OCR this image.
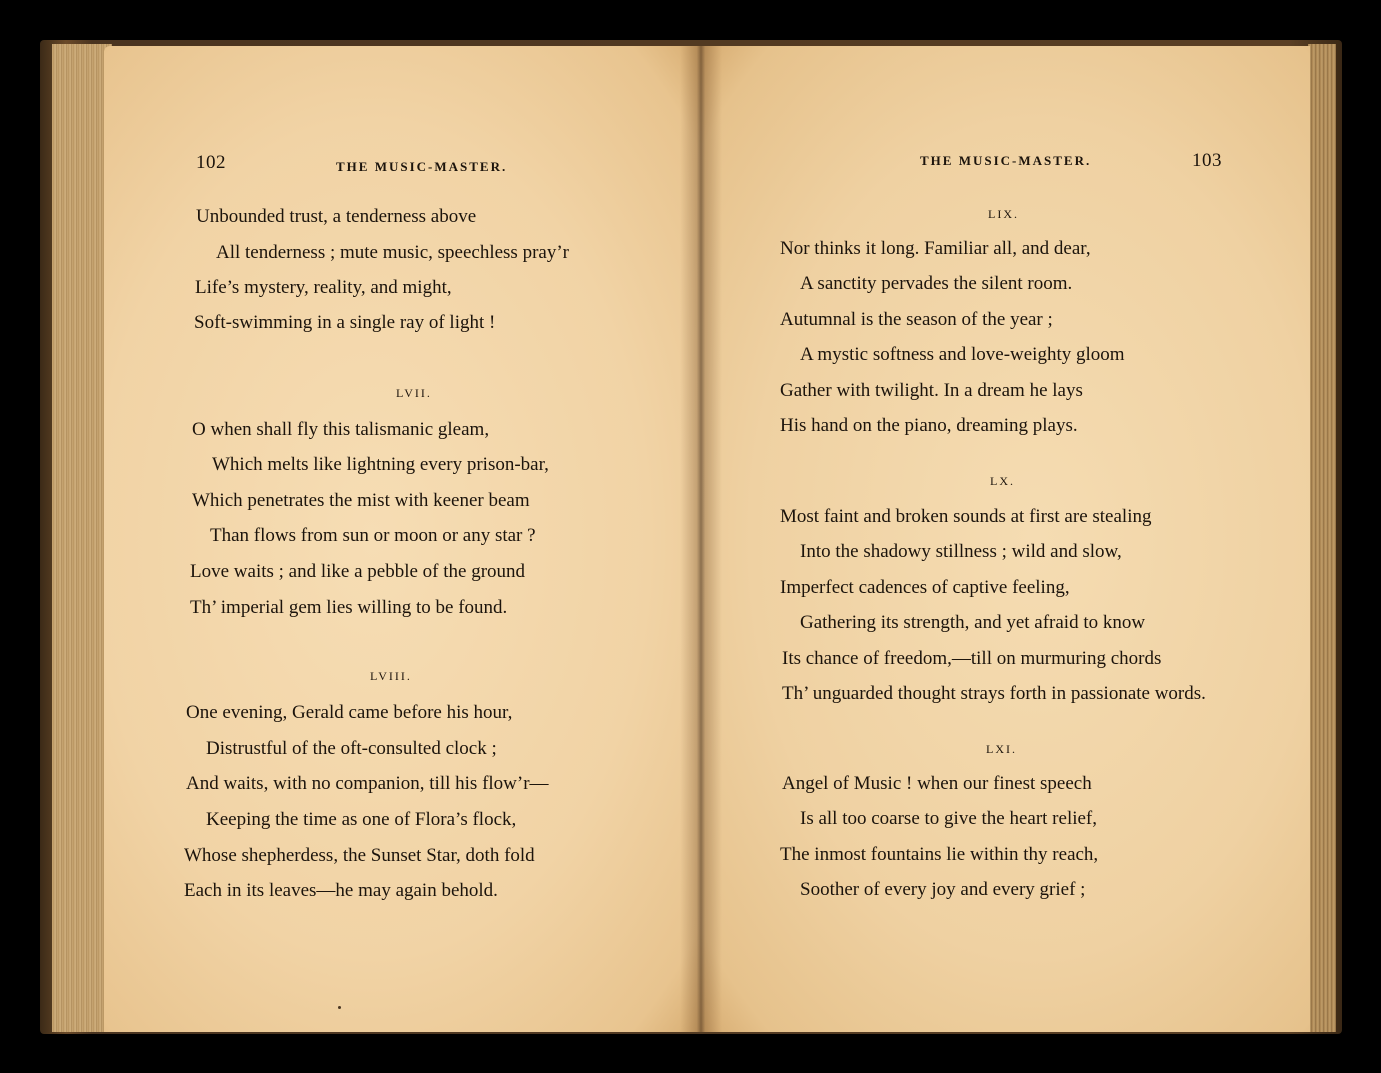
102	THE MUSIC-MASTER.
Unbounded trust, a tenderness above
All tenderness ; mute music, speechless pray’r
Life’s mystery, reality, and might,
Soft-swimming in a single ray of light !
LVII.
O when shall fly this talismanic gleam,
Which melts like lightning every prison-bar,
Which penetrates the mist with keener beam
Than flows from sun or moon or any star ?
Love waits ; and like a pebble of the ground
Th’ imperial gem lies willing to be found.
LVIII.
One evening, Gerald came before his hour,
Distrustful of the oft-consulted clock ;
And waits, with no companion, till his flow’r—
Keeping the time as one of Flora’s flock,
Whose shepherdess, the Sunset Star, doth fold
Each in its leaves—he may again behold.
THE MUSIC-MASTER.	103
LIX.
Nor thinks it long. Familiar all, and dear,
A sanctity pervades the silent room.
Autumnal is the season of the year ;
A mystic softness and love-weighty gloom
Gather with twilight. In a dream he lays
His hand on the piano, dreaming plays.
LX.
Most faint and broken sounds at first are stealing
Into the shadowy stillness ; wild and slow,
Imperfect cadences of captive feeling,
Gathering its strength, and yet afraid to know
Its chance of freedom,—till on murmuring chords
Th’ unguarded thought strays forth in passionate words.
LXI.
Angel of Music ! when our finest speech
Is all too coarse to give the heart relief,
The inmost fountains lie within thy reach,
Soother of every joy and every grief ;
